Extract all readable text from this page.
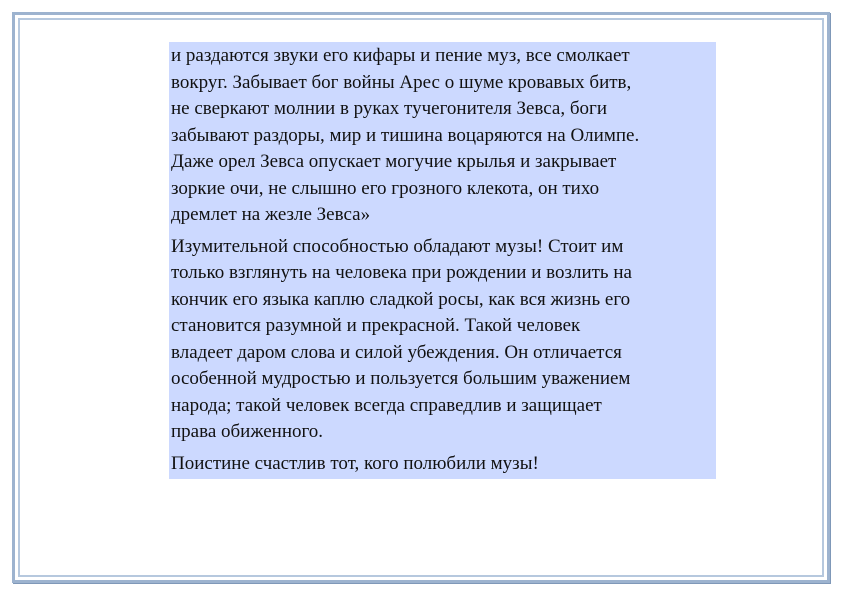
и раздаются звуки его кифары и пение муз, все смолкает
вокруг. Забывает бог войны Арес о шуме кровавых битв,
не сверкают молнии в руках тучегонителя Зевса, боги
забывают раздоры, мир и тишина воцаряются на Олимпе.
Даже орел Зевса опускает могучие крылья и закрывает
зоркие очи, не слышно его грозного клекота, он тихо
дремлет на жезле Зевса»

Изумительной способностью обладают музы! Стоит им
только взглянуть на человека при рождении и возлить на
кончик его языка каплю сладкой росы, как вся жизнь его
становится разумной и прекрасной. Такой человек
владеет даром слова и силой убеждения. Он отличается
особенной мудростью и пользуется большим уважением
народа; такой человек всегда справедлив и защищает
права обиженного.

Поистине счастлив тот, кого полюбили музы!
